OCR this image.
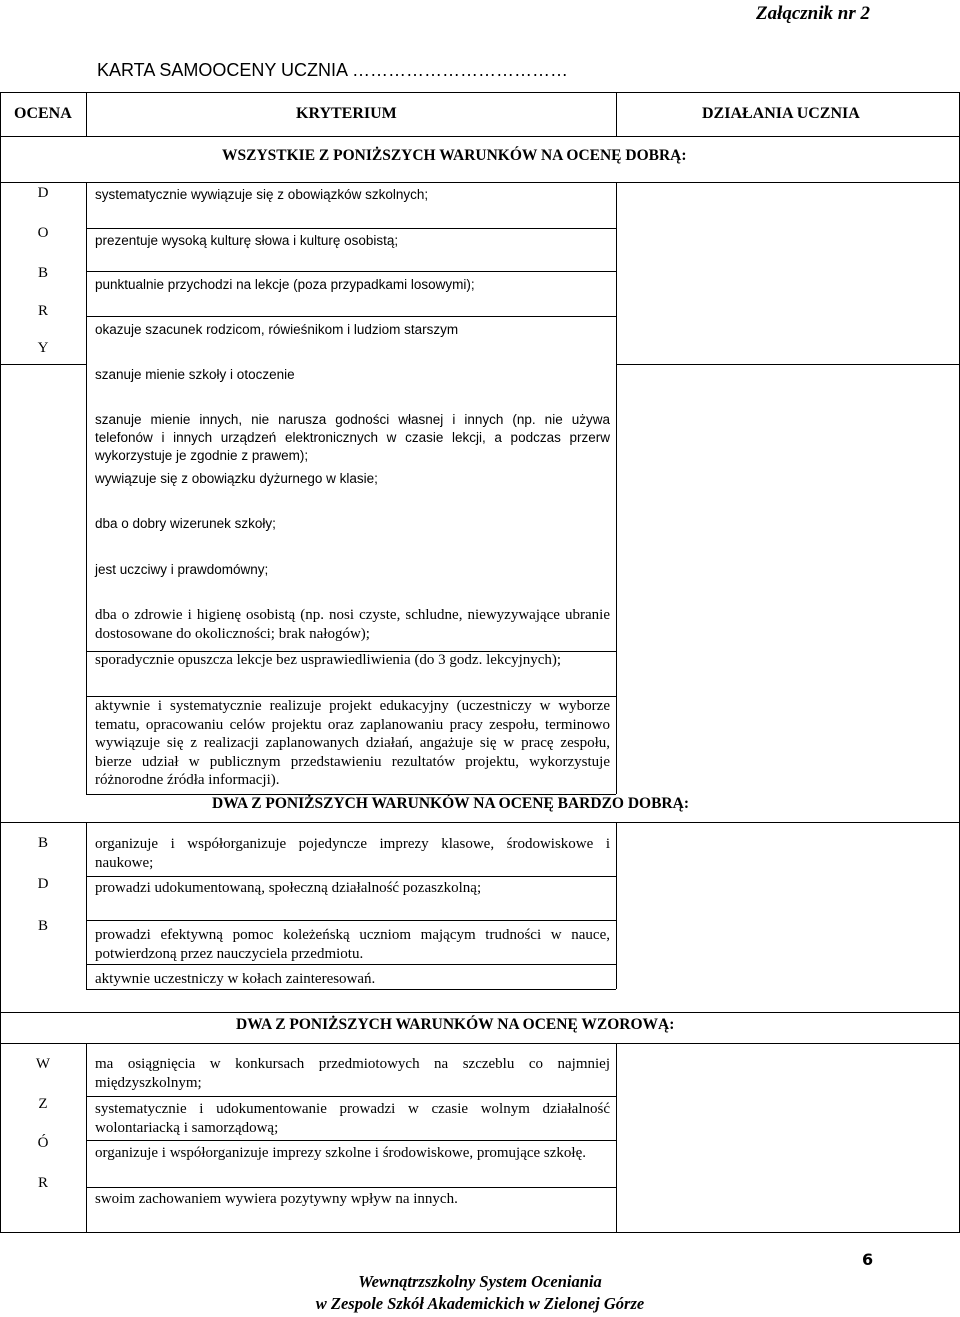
Załącznik nr 2
KARTA SAMOOCENY UCZNIA ………………………………
OCENA	KRYTERIUM	DZIAŁANIA UCZNIA
WSZYSTKIE Z PONIŻSZYCH WARUNKÓW NA OCENĘ DOBRĄ:
D
O
B
R
Y
systematycznie wywiązuje się z obowiązków szkolnych;
prezentuje wysoką kulturę słowa i kulturę osobistą;
punktualnie przychodzi na lekcje (poza przypadkami losowymi);
okazuje szacunek rodzicom, rówieśnikom i ludziom starszym
szanuje mienie szkoły i otoczenie
szanuje mienie innych, nie narusza godności własnej i innych (np. nie używa telefonów i innych urządzeń elektronicznych w czasie lekcji, a podczas przerw wykorzystuje je zgodnie z prawem);
wywiązuje się z obowiązku dyżurnego w klasie;
dba o dobry wizerunek szkoły;
jest uczciwy i prawdomówny;
dba o zdrowie i higienę osobistą (np. nosi czyste, schludne, niewyzywające ubranie dostosowane do okoliczności; brak nałogów);
sporadycznie opuszcza lekcje bez usprawiedliwienia (do 3 godz. lekcyjnych);
aktywnie i systematycznie realizuje projekt edukacyjny (uczestniczy w wyborze tematu, opracowaniu celów projektu oraz zaplanowaniu pracy zespołu, terminowo wywiązuje się z realizacji zaplanowanych działań, angażuje się w pracę zespołu, bierze udział w publicznym przedstawieniu rezultatów projektu, wykorzystuje różnorodne źródła informacji).
DWA Z PONIŻSZYCH WARUNKÓW NA OCENĘ BARDZO DOBRĄ:
B
D
B
organizuje i współorganizuje pojedyncze imprezy klasowe, środowiskowe i naukowe;
prowadzi udokumentowaną, społeczną działalność pozaszkolną;
prowadzi efektywną pomoc koleżeńską uczniom mającym trudności w nauce, potwierdzoną przez nauczyciela przedmiotu.
aktywnie uczestniczy w kołach zainteresowań.
DWA Z PONIŻSZYCH WARUNKÓW NA OCENĘ WZOROWĄ:
W
Z
Ó
R
ma osiągnięcia w konkursach przedmiotowych na szczeblu co najmniej międzyszkolnym;
systematycznie i udokumentowanie prowadzi w czasie wolnym działalność wolontariacką i samorządową;
organizuje i współorganizuje imprezy szkolne i środowiskowe, promujące szkołę.
swoim zachowaniem wywiera pozytywny wpływ na innych.
6
Wewnątrzszkolny System Oceniania
w Zespole Szkół Akademickich w Zielonej Górze
